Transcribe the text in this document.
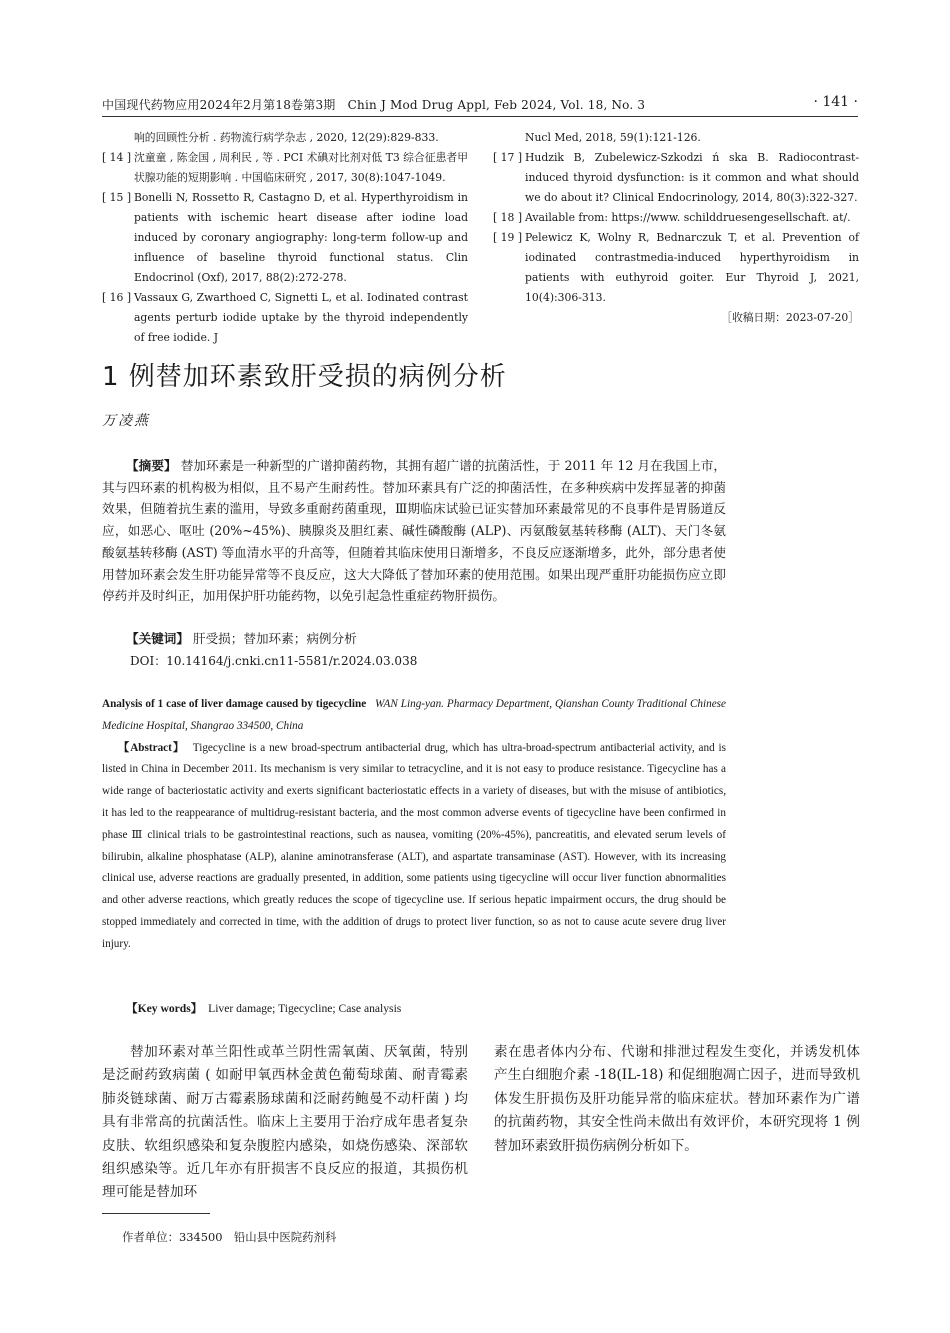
中国现代药物应用2024年2月第18卷第3期　Chin J Mod Drug Appl, Feb 2024, Vol. 18, No. 3	· 141 ·
响的回顾性分析 . 药物流行病学杂志 , 2020, 12(29):829-833.
[ 14 ] 沈童童 , 陈金国 , 周利民 , 等 . PCI 术碘对比剂对低 T3 综合征患者甲状腺功能的短期影响 . 中国临床研究 , 2017, 30(8):1047-1049.
[ 15 ] Bonelli N, Rossetto R, Castagno D, et al. Hyperthyroidism in patients with ischemic heart disease after iodine load induced by coronary angiography: long-term follow-up and influence of baseline thyroid functional status. Clin Endocrinol (Oxf), 2017, 88(2):272-278.
[ 16 ] Vassaux G, Zwarthoed C, Signetti L, et al. Iodinated contrast agents perturb iodide uptake by the thyroid independently of free iodide. J
Nucl Med, 2018, 59(1):121-126.
[ 17 ] Hudzik B, Zubelewicz-Szkodzi ń ska B. Radiocontrast-induced thyroid dysfunction: is it common and what should we do about it? Clinical Endocrinology, 2014, 80(3):322-327.
[ 18 ] Available from: https://www. schilddruesengesellschaft. at/.
[ 19 ] Pelewicz K, Wolny R, Bednarczuk T, et al. Prevention of iodinated contrastmedia-induced hyperthyroidism in patients with euthyroid goiter. Eur Thyroid J, 2021, 10(4):306-313.
［收稿日期：2023-07-20］
1 例替加环素致肝受损的病例分析
万凌燕

【摘要】 替加环素是一种新型的广谱抑菌药物，其拥有超广谱的抗菌活性，于 2011 年 12 月在我国上市，其与四环素的机构极为相似，且不易产生耐药性。替加环素具有广泛的抑菌活性，在多种疾病中发挥显著的抑菌效果，但随着抗生素的滥用，导致多重耐药菌重现，Ⅲ期临床试验已证实替加环素最常见的不良事件是胃肠道反应，如恶心、呕吐 (20%~45%)、胰腺炎及胆红素、碱性磷酸酶 (ALP)、丙氨酸氨基转移酶 (ALT)、天门冬氨酸氨基转移酶 (AST) 等血清水平的升高等，但随着其临床使用日渐增多，不良反应逐渐增多，此外，部分患者使用替加环素会发生肝功能异常等不良反应，这大大降低了替加环素的使用范围。如果出现严重肝功能损伤应立即停药并及时纠正，加用保护肝功能药物，以免引起急性重症药物肝损伤。

【关键词】 肝受损；替加环素；病例分析
DOI：10.14164/j.cnki.cn11-5581/r.2024.03.038

Analysis of 1 case of liver damage caused by tigecycline WAN Ling-yan. Pharmacy Department, Qianshan County Traditional Chinese Medicine Hospital, Shangrao 334500, China

【Abstract】 Tigecycline is a new broad-spectrum antibacterial drug, which has ultra-broad-spectrum antibacterial activity, and is listed in China in December 2011. Its mechanism is very similar to tetracycline, and it is not easy to produce resistance. Tigecycline has a wide range of bacteriostatic activity and exerts significant bacteriostatic effects in a variety of diseases, but with the misuse of antibiotics, it has led to the reappearance of multidrug-resistant bacteria, and the most common adverse events of tigecycline have been confirmed in phase Ⅲ clinical trials to be gastrointestinal reactions, such as nausea, vomiting (20%-45%), pancreatitis, and elevated serum levels of bilirubin, alkaline phosphatase (ALP), alanine aminotransferase (ALT), and aspartate transaminase (AST). However, with its increasing clinical use, adverse reactions are gradually presented, in addition, some patients using tigecycline will occur liver function abnormalities and other adverse reactions, which greatly reduces the scope of tigecycline use. If serious hepatic impairment occurs, the drug should be stopped immediately and corrected in time, with the addition of drugs to protect liver function, so as not to cause acute severe drug liver injury.

【Key words】 Liver damage; Tigecycline; Case analysis

替加环素对革兰阳性或革兰阴性需氧菌、厌氧菌，特别是泛耐药致病菌 ( 如耐甲氧西林金黄色葡萄球菌、耐青霉素肺炎链球菌、耐万古霉素肠球菌和泛耐药鲍曼不动杆菌 ) 均具有非常高的抗菌活性。临床上主要用于治疗成年患者复杂皮肤、软组织感染和复杂腹腔内感染，如烧伤感染、深部软组织感染等。近几年亦有肝损害不良反应的报道，其损伤机理可能是替加环

素在患者体内分布、代谢和排泄过程发生变化，并诱发机体产生白细胞介素 -18(IL-18) 和促细胞凋亡因子，进而导致机体发生肝损伤及肝功能异常的临床症状。替加环素作为广谱的抗菌药物，其安全性尚未做出有效评价，本研究现将 1 例替加环素致肝损伤病例分析如下。

作者单位：334500　铅山县中医院药剂科
